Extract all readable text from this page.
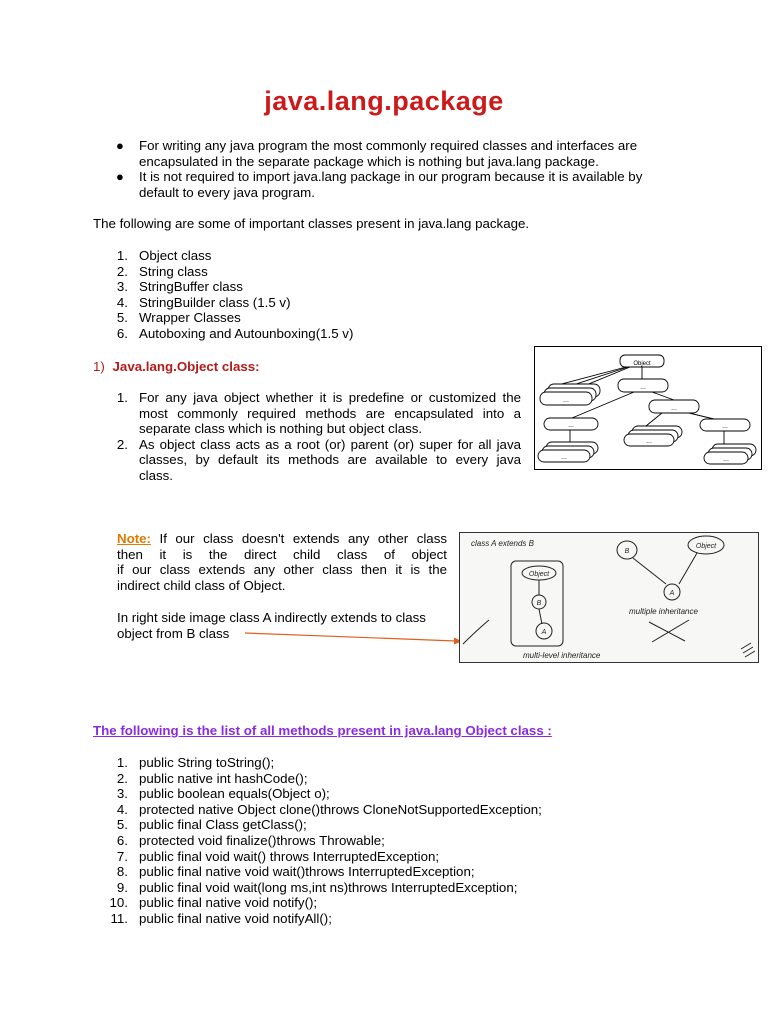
java.lang.package
● For writing any java program the most commonly required classes and interfaces are
encapsulated in the separate package which is nothing but java.lang package.
● It is not required to import java.lang package in our program because it is available by
default to every java program.
The following are some of important classes present in java.lang package.
1. Object class
2. String class
3. StringBuffer class
4. StringBuilder class (1.5 v)
5. Wrapper Classes
6. Autoboxing and Autounboxing(1.5 v)
1) Java.lang.Object class:
1. For any java object whether it is predefine or customized the
most commonly required methods are encapsulated into a
separate class which is nothing but object class.
2. As object class acts as a root (or) parent (or) super for all java
classes, by default its methods are available to every java
class.
Object
...
...
...
...
...
...
...
...
Note: If our class doesn't extends any other class
then it is the direct child class of object
if our class extends any other class then it is the
indirect child class of Object.
In right side image class A indirectly extends to class
object from B class
class A extends B
Object
B
A
B
Object
A
multiple inheritance
multi-level inheritance
The following is the list of all methods present in java.lang Object class :
1. public String toString();
2. public native int hashCode();
3. public boolean equals(Object o);
4. protected native Object clone()throws CloneNotSupportedException;
5. public final Class getClass();
6. protected void finalize()throws Throwable;
7. public final void wait() throws InterruptedException;
8. public final native void wait()throws InterruptedException;
9. public final void wait(long ms,int ns)throws InterruptedException;
10. public final native void notify();
11. public final native void notifyAll();
